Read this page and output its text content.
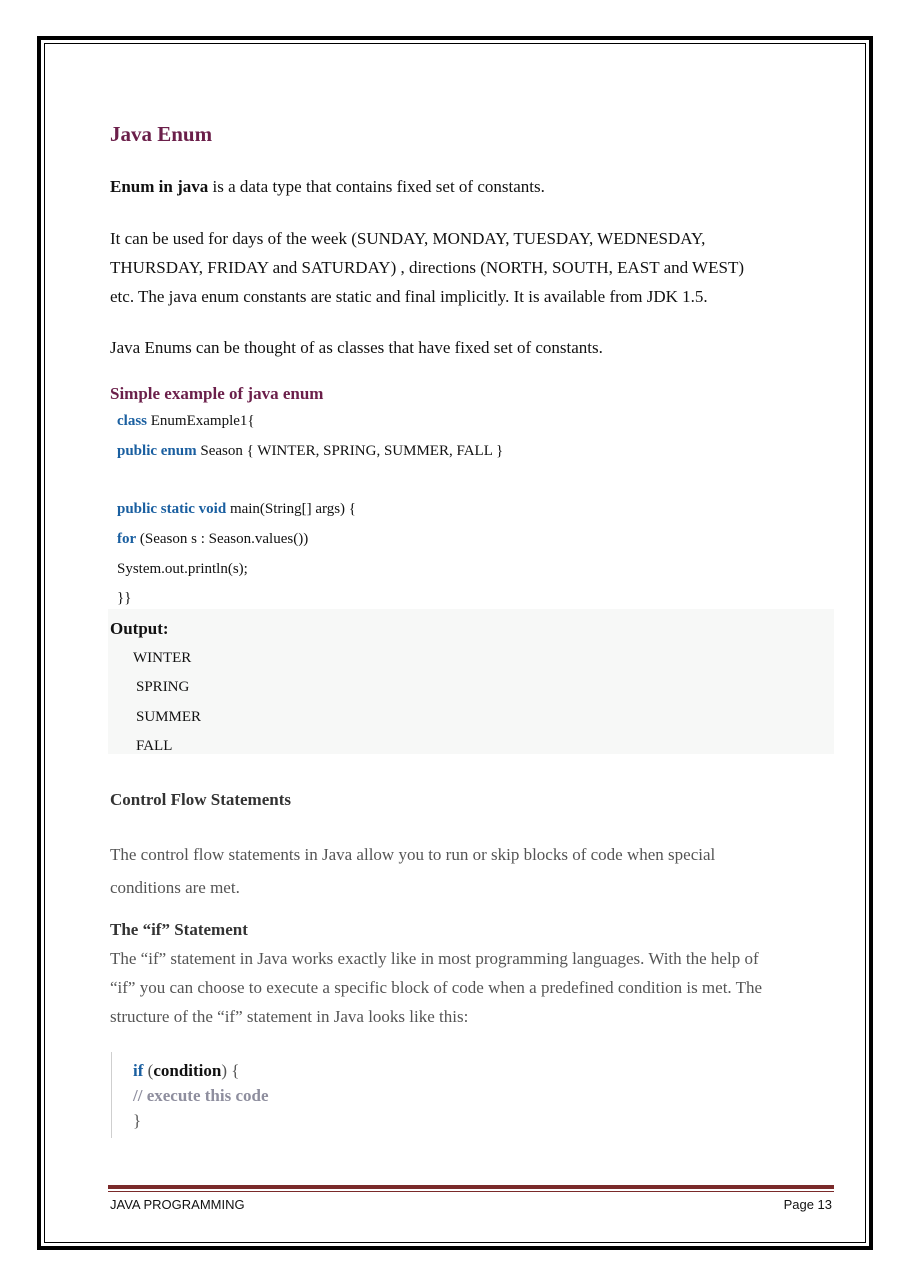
Java Enum
Enum in java is a data type that contains fixed set of constants.
It can be used for days of the week (SUNDAY, MONDAY, TUESDAY, WEDNESDAY,
THURSDAY, FRIDAY and SATURDAY) , directions (NORTH, SOUTH, EAST and WEST)
etc. The java enum constants are static and final implicitly. It is available from JDK 1.5.
Java Enums can be thought of as classes that have fixed set of constants.
Simple example of java enum
class EnumExample1{
public enum Season { WINTER, SPRING, SUMMER, FALL }
public static void main(String[] args) {
for (Season s : Season.values())
System.out.println(s);
}}
Output:
WINTER
SPRING
SUMMER
FALL
Control Flow Statements
The control flow statements in Java allow you to run or skip blocks of code when special
conditions are met.
The “if” Statement
The “if” statement in Java works exactly like in most programming languages. With the help of
“if” you can choose to execute a specific block of code when a predefined condition is met. The
structure of the “if” statement in Java looks like this:
if (condition) {
// execute this code
}
JAVA PROGRAMMING	Page 13
